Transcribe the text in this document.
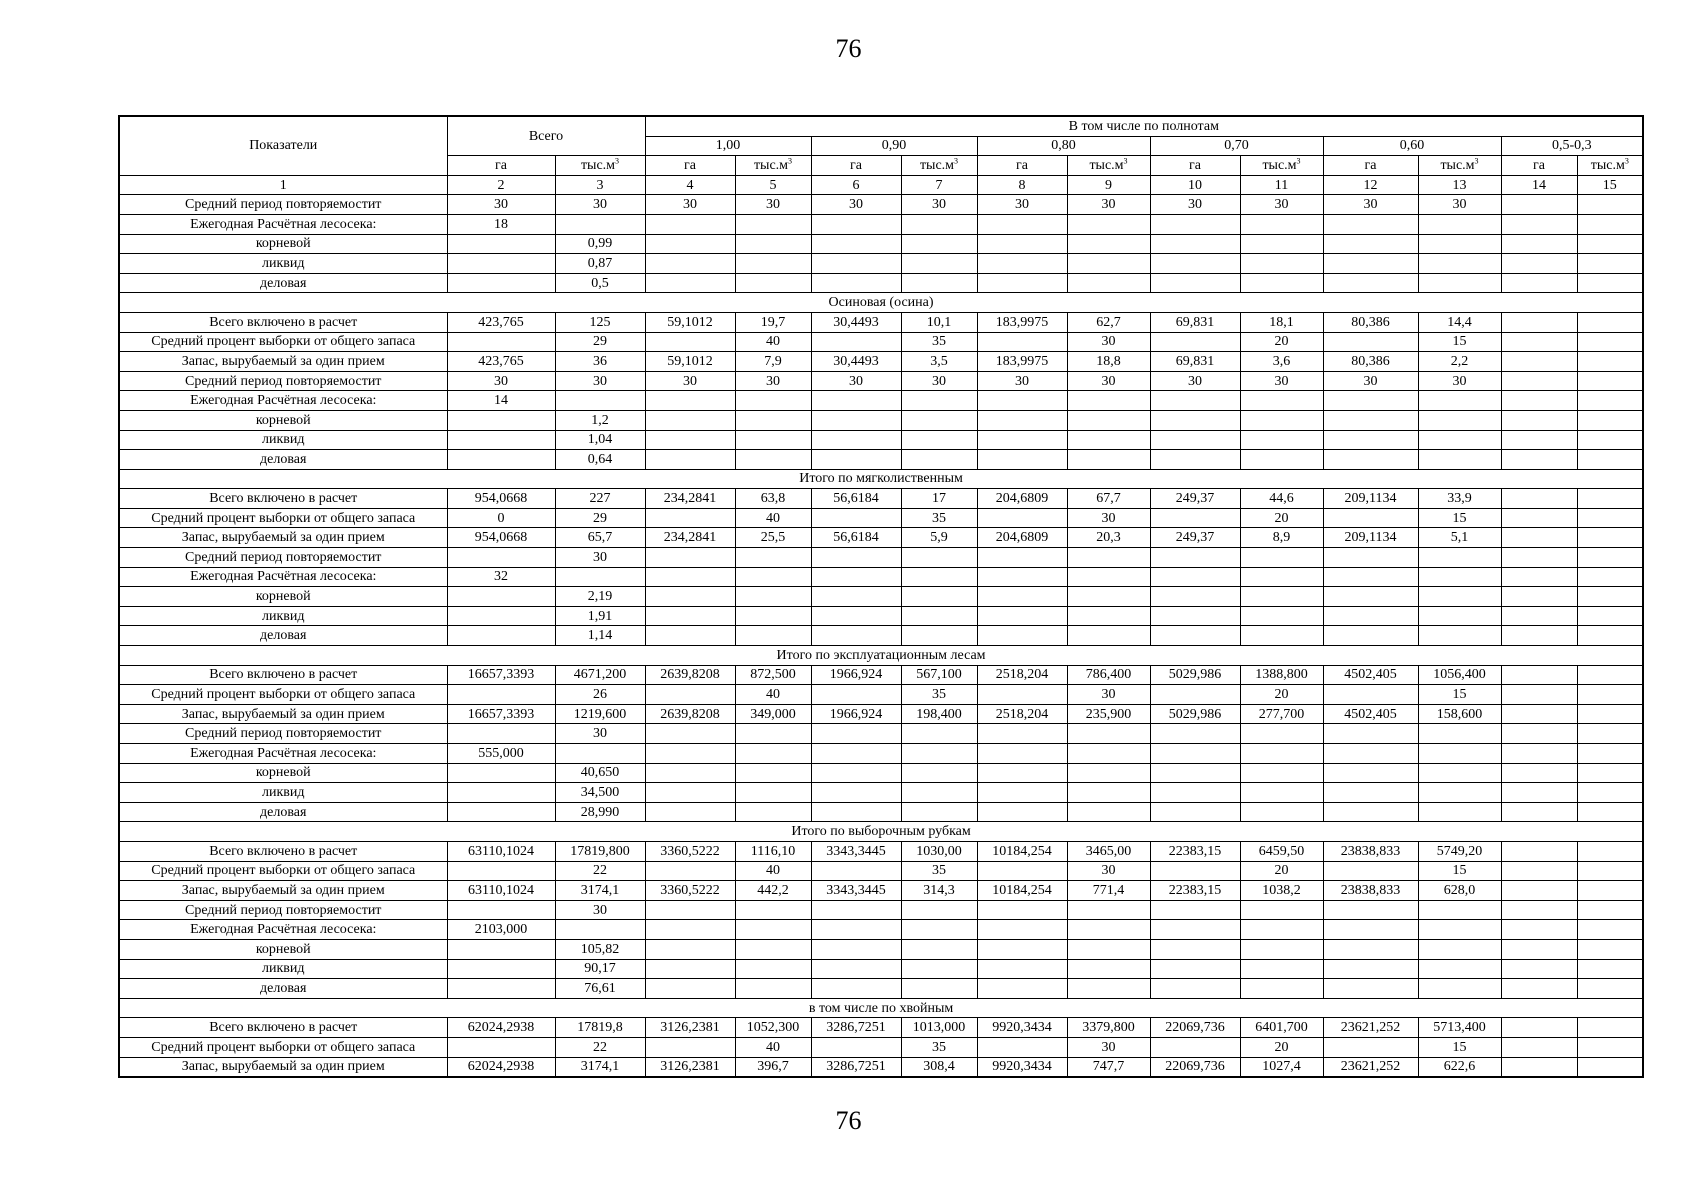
76
Показатели	Всего		В том числе по полнотам											
			1,00		0,90		0,80		0,70		0,60		0,5-0,3	
	га	$тыс.м^3$	га	$тыс.м^3$	га	$тыс.м^3$	га	$тыс.м^3$	га	$тыс.м^3$	га	$тыс.м^3$	га	$тыс.м^3$
1	2	3	4	5	6	7	8	9	10	11	12	13	14	15
Средний период повторяемостит	30	30	30	30	30	30	30	30	30	30	30	30		
Ежегодная Расчётная лесосека:	18													
корневой		0,99												
ликвид		0,87												
деловая		0,5												
Осиновая (осина)														
Всего включено в расчет	423,765	125	59,1012	19,7	30,4493	10,1	183,9975	62,7	69,831	18,1	80,386	14,4		
Средний процент выборки от общего запаса		29		40		35		30		20		15		
Запас, вырубаемый за один прием	423,765	36	59,1012	7,9	30,4493	3,5	183,9975	18,8	69,831	3,6	80,386	2,2		
Средний период повторяемостит	30	30	30	30	30	30	30	30	30	30	30	30		
Ежегодная Расчётная лесосека:	14													
корневой		1,2												
ликвид		1,04												
деловая		0,64												
Итого по мягколиственным														
Всего включено в расчет	954,0668	227	234,2841	63,8	56,6184	17	204,6809	67,7	249,37	44,6	209,1134	33,9		
Средний процент выборки от общего запаса	0	29		40		35		30		20		15		
Запас, вырубаемый за один прием	954,0668	65,7	234,2841	25,5	56,6184	5,9	204,6809	20,3	249,37	8,9	209,1134	5,1		
Средний период повторяемостит		30												
Ежегодная Расчётная лесосека:	32													
корневой		2,19												
ликвид		1,91												
деловая		1,14												
Итого по эксплуатационным лесам														
Всего включено в расчет	16657,3393	4671,200	2639,8208	872,500	1966,924	567,100	2518,204	786,400	5029,986	1388,800	4502,405	1056,400		
Средний процент выборки от общего запаса		26		40		35		30		20		15		
Запас, вырубаемый за один прием	16657,3393	1219,600	2639,8208	349,000	1966,924	198,400	2518,204	235,900	5029,986	277,700	4502,405	158,600		
Средний период повторяемостит		30												
Ежегодная Расчётная лесосека:	555,000													
корневой		40,650												
ликвид		34,500												
деловая		28,990												
Итого по выборочным рубкам														
Всего включено в расчет	63110,1024	17819,800	3360,5222	1116,10	3343,3445	1030,00	10184,254	3465,00	22383,15	6459,50	23838,833	5749,20		
Средний процент выборки от общего запаса		22		40		35		30		20		15		
Запас, вырубаемый за один прием	63110,1024	3174,1	3360,5222	442,2	3343,3445	314,3	10184,254	771,4	22383,15	1038,2	23838,833	628,0		
Средний период повторяемостит		30												
Ежегодная Расчётная лесосека:	2103,000													
корневой		105,82												
ликвид		90,17												
деловая		76,61												
в том числе по хвойным														
Всего включено в расчет	62024,2938	17819,8	3126,2381	1052,300	3286,7251	1013,000	9920,3434	3379,800	22069,736	6401,700	23621,252	5713,400		
Средний процент выборки от общего запаса		22		40		35		30		20		15		
Запас, вырубаемый за один прием	62024,2938	3174,1	3126,2381	396,7	3286,7251	308,4	9920,3434	747,7	22069,736	1027,4	23621,252	622,6		
76
